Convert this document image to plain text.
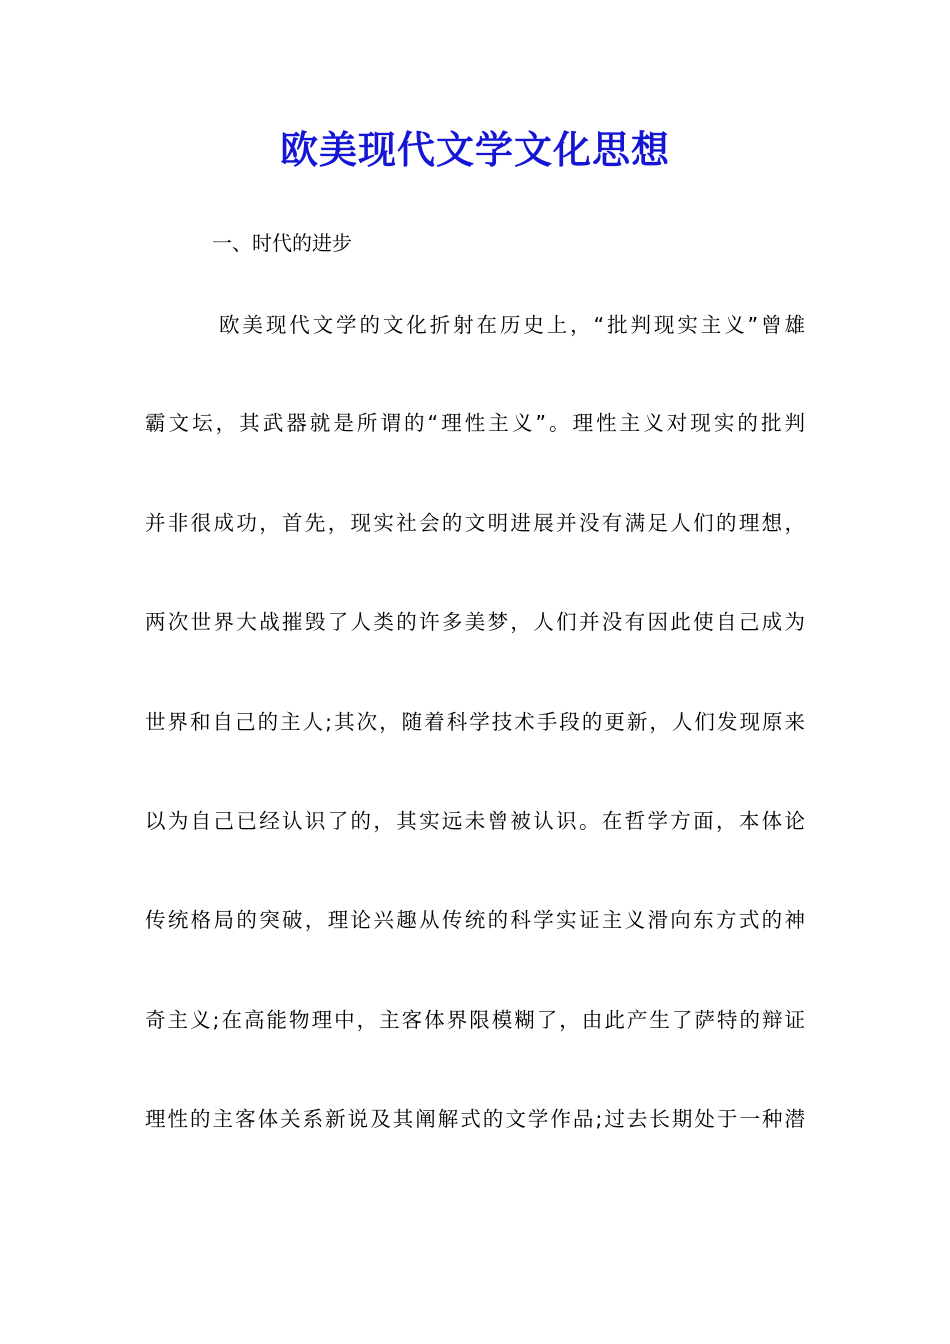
欧美现代文学文化思想
一、时代的进步
欧美现代文学的文化折射在历史上，“批判现实主义”曾雄
霸文坛，其武器就是所谓的“理性主义”。理性主义对现实的批判
并非很成功，首先，现实社会的文明进展并没有满足人们的理想，
两次世界大战摧毁了人类的许多美梦，人们并没有因此使自己成为
世界和自己的主人;其次，随着科学技术手段的更新，人们发现原来
以为自己已经认识了的，其实远未曾被认识。在哲学方面，本体论
传统格局的突破，理论兴趣从传统的科学实证主义滑向东方式的神
奇主义;在高能物理中，主客体界限模糊了，由此产生了萨特的辩证
理性的主客体关系新说及其阐解式的文学作品;过去长期处于一种潜
